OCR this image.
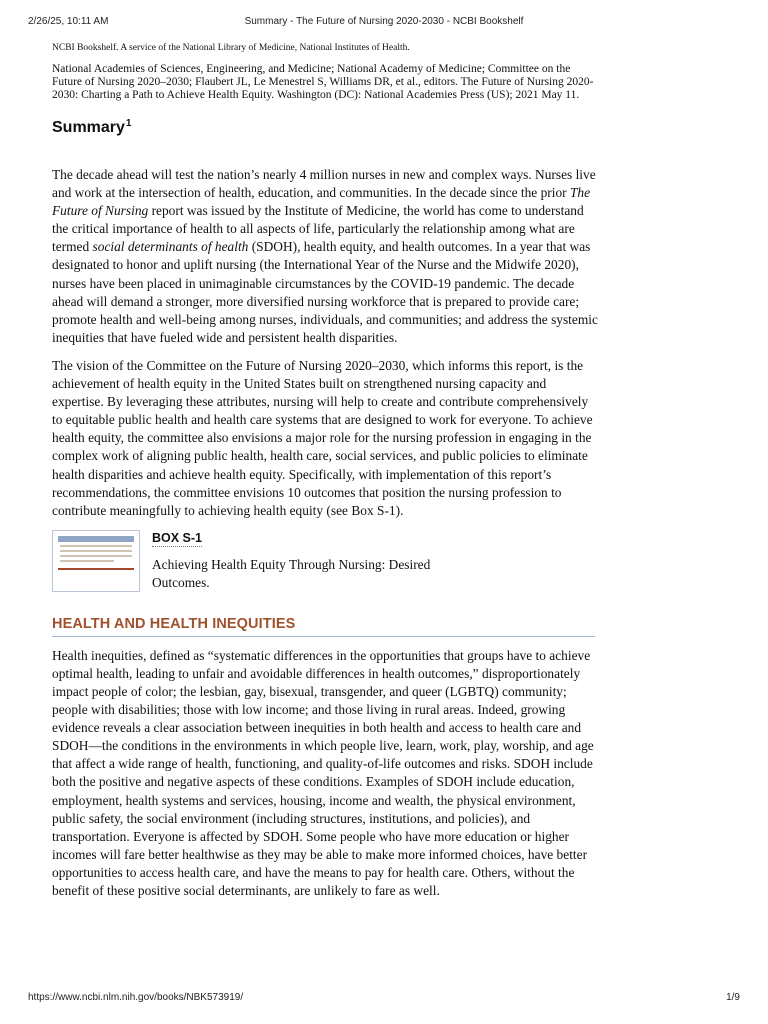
2/26/25, 10:11 AM	Summary - The Future of Nursing 2020-2030 - NCBI Bookshelf
NCBI Bookshelf. A service of the National Library of Medicine, National Institutes of Health.
National Academies of Sciences, Engineering, and Medicine; National Academy of Medicine; Committee on the Future of Nursing 2020–2030; Flaubert JL, Le Menestrel S, Williams DR, et al., editors. The Future of Nursing 2020-2030: Charting a Path to Achieve Health Equity. Washington (DC): National Academies Press (US); 2021 May 11.
Summary$^1$

The decade ahead will test the nation’s nearly 4 million nurses in new and complex ways. Nurses live and work at the intersection of health, education, and communities. In the decade since the prior The Future of Nursing report was issued by the Institute of Medicine, the world has come to understand the critical importance of health to all aspects of life, particularly the relationship among what are termed social determinants of health (SDOH), health equity, and health outcomes. In a year that was designated to honor and uplift nursing (the International Year of the Nurse and the Midwife 2020), nurses have been placed in unimaginable circumstances by the COVID-19 pandemic. The decade ahead will demand a stronger, more diversified nursing workforce that is prepared to provide care; promote health and well-being among nurses, individuals, and communities; and address the systemic inequities that have fueled wide and persistent health disparities.

The vision of the Committee on the Future of Nursing 2020–2030, which informs this report, is the achievement of health equity in the United States built on strengthened nursing capacity and expertise. By leveraging these attributes, nursing will help to create and contribute comprehensively to equitable public health and health care systems that are designed to work for everyone. To achieve health equity, the committee also envisions a major role for the nursing profession in engaging in the complex work of aligning public health, health care, social services, and public policies to eliminate health disparities and achieve health equity. Specifically, with implementation of this report’s recommendations, the committee envisions 10 outcomes that position the nursing profession to contribute meaningfully to achieving health equity (see Box S-1).

BOX S-1
Achieving Health Equity Through Nursing: Desired Outcomes.
HEALTH AND HEALTH INEQUITIES

Health inequities, defined as “systematic differences in the opportunities that groups have to achieve optimal health, leading to unfair and avoidable differences in health outcomes,” disproportionately impact people of color; the lesbian, gay, bisexual, transgender, and queer (LGBTQ) community; people with disabilities; those with low income; and those living in rural areas. Indeed, growing evidence reveals a clear association between inequities in both health and access to health care and SDOH—the conditions in the environments in which people live, learn, work, play, worship, and age that affect a wide range of health, functioning, and quality-of-life outcomes and risks. SDOH include both the positive and negative aspects of these conditions. Examples of SDOH include education, employment, health systems and services, housing, income and wealth, the physical environment, public safety, the social environment (including structures, institutions, and policies), and transportation. Everyone is affected by SDOH. Some people who have more education or higher incomes will fare better healthwise as they may be able to make more informed choices, have better opportunities to access health care, and have the means to pay for health care. Others, without the benefit of these positive social determinants, are unlikely to fare as well.

https://www.ncbi.nlm.nih.gov/books/NBK573919/	1/9
